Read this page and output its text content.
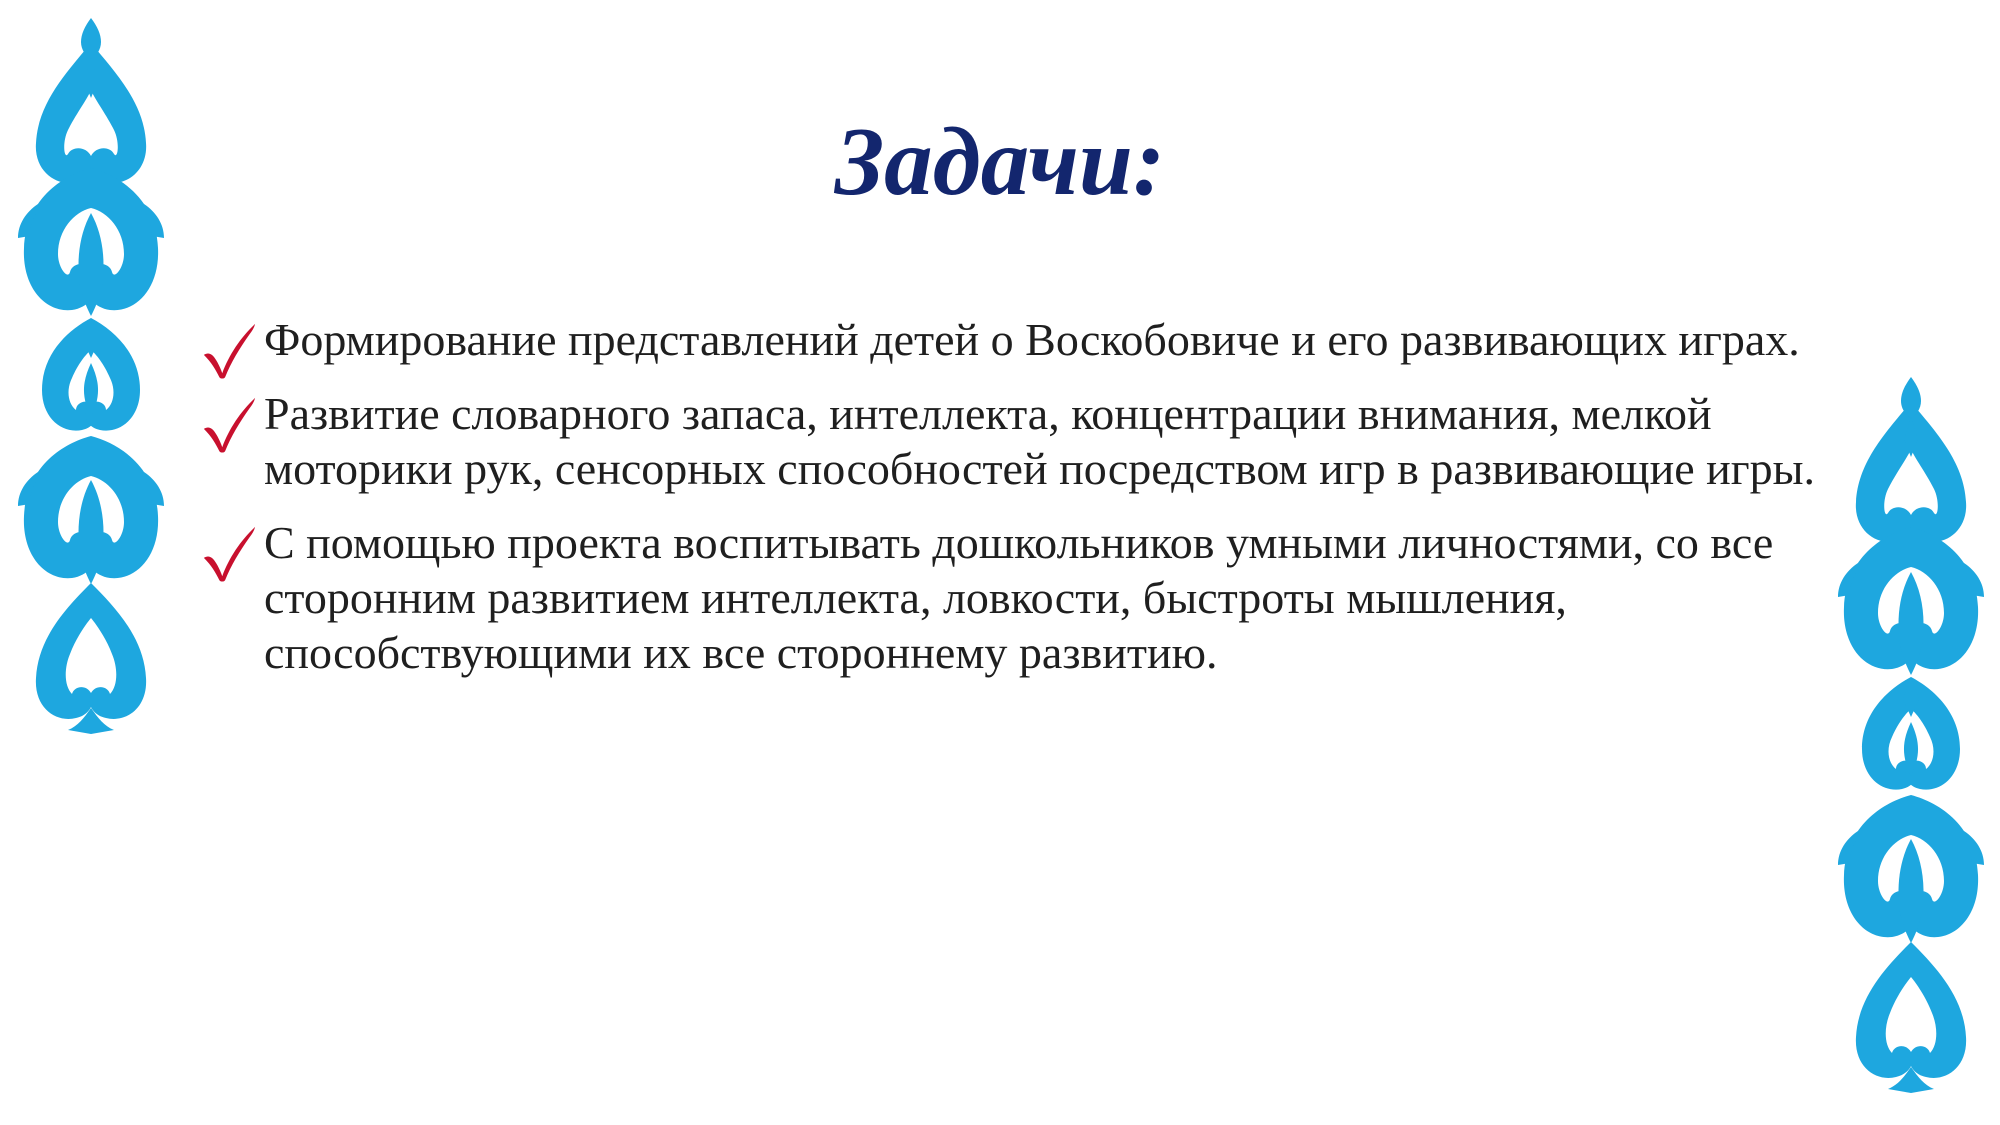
Задачи:
Формирование представлений детей о Воскобовиче и его развивающих играх.
Развитие словарного запаса, интеллекта, концентрации внимания, мелкой моторики рук, сенсорных способностей посредством игр в развивающие игры.
С помощью проекта воспитывать дошкольников умными личностями, со все сторонним развитием интеллекта, ловкости, быстроты мышления, способствующими их все стороннему развитию.
